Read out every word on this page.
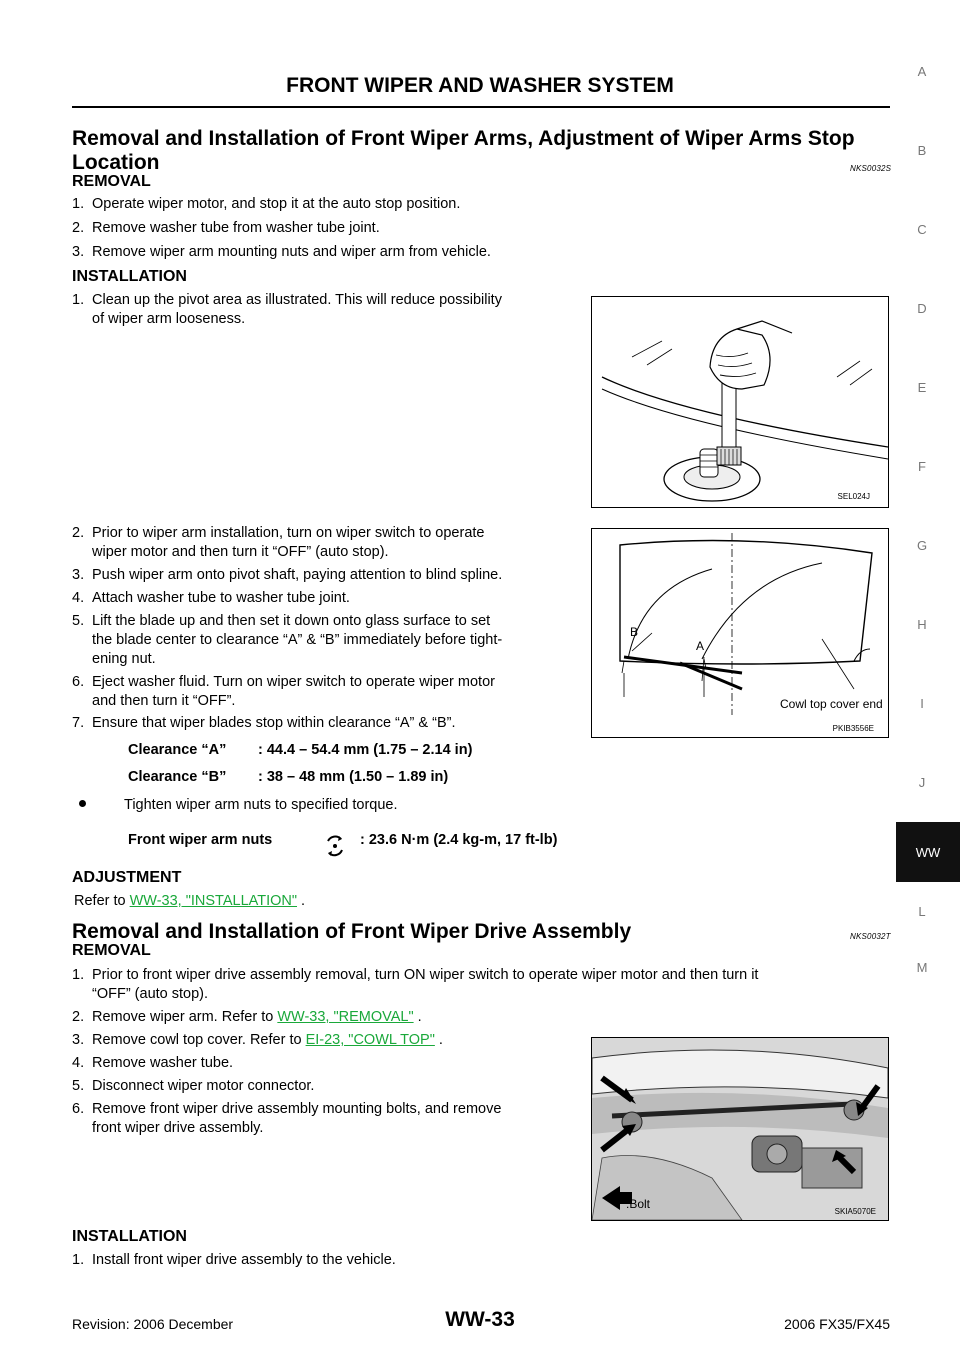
FRONT WIPER AND WASHER SYSTEM
Removal and Installation of Front Wiper Arms, Adjustment of Wiper Arms Stop
Location	NKS0032S
REMOVAL
1. Operate wiper motor, and stop it at the auto stop position.
2. Remove washer tube from washer tube joint.
3. Remove wiper arm mounting nuts and wiper arm from vehicle.
INSTALLATION
1. Clean up the pivot area as illustrated. This will reduce possibility
of wiper arm looseness.
SEL024J
2. Prior to wiper arm installation, turn on wiper switch to operate
wiper motor and then turn it “OFF” (auto stop).
3. Push wiper arm onto pivot shaft, paying attention to blind spline.
4. Attach washer tube to washer tube joint.
5. Lift the blade up and then set it down onto glass surface to set
the blade center to clearance “A” & “B” immediately before tight-
ening nut.
6. Eject washer fluid. Turn on wiper switch to operate wiper motor
and then turn it “OFF”.
7. Ensure that wiper blades stop within clearance “A” & “B”.
B
A
Cowl top cover end
PKIB3556E
Clearance “A” : 44.4 – 54.4 mm (1.75 – 2.14 in)
Clearance “B” : 38 – 48 mm (1.50 – 1.89 in)
Tighten wiper arm nuts to specified torque.
Front wiper arm nuts	: 23.6 N·m (2.4 kg-m, 17 ft-lb)
ADJUSTMENT
Refer to WW-33, "INSTALLATION" .
Removal and Installation of Front Wiper Drive Assembly	NKS0032T
REMOVAL
1. Prior to front wiper drive assembly removal, turn ON wiper switch to operate wiper motor and then turn it
“OFF” (auto stop).
2. Remove wiper arm. Refer to WW-33, "REMOVAL" .
3. Remove cowl top cover. Refer to EI-23, "COWL TOP" .
4. Remove washer tube.
5. Disconnect wiper motor connector.
6. Remove front wiper drive assembly mounting bolts, and remove
front wiper drive assembly.
:Bolt
SKIA5070E
INSTALLATION
1. Install front wiper drive assembly to the vehicle.
A
B
C
D
E
F
G
H
I
J
WW
L
M
Revision: 2006 December	WW-33	2006 FX35/FX45
